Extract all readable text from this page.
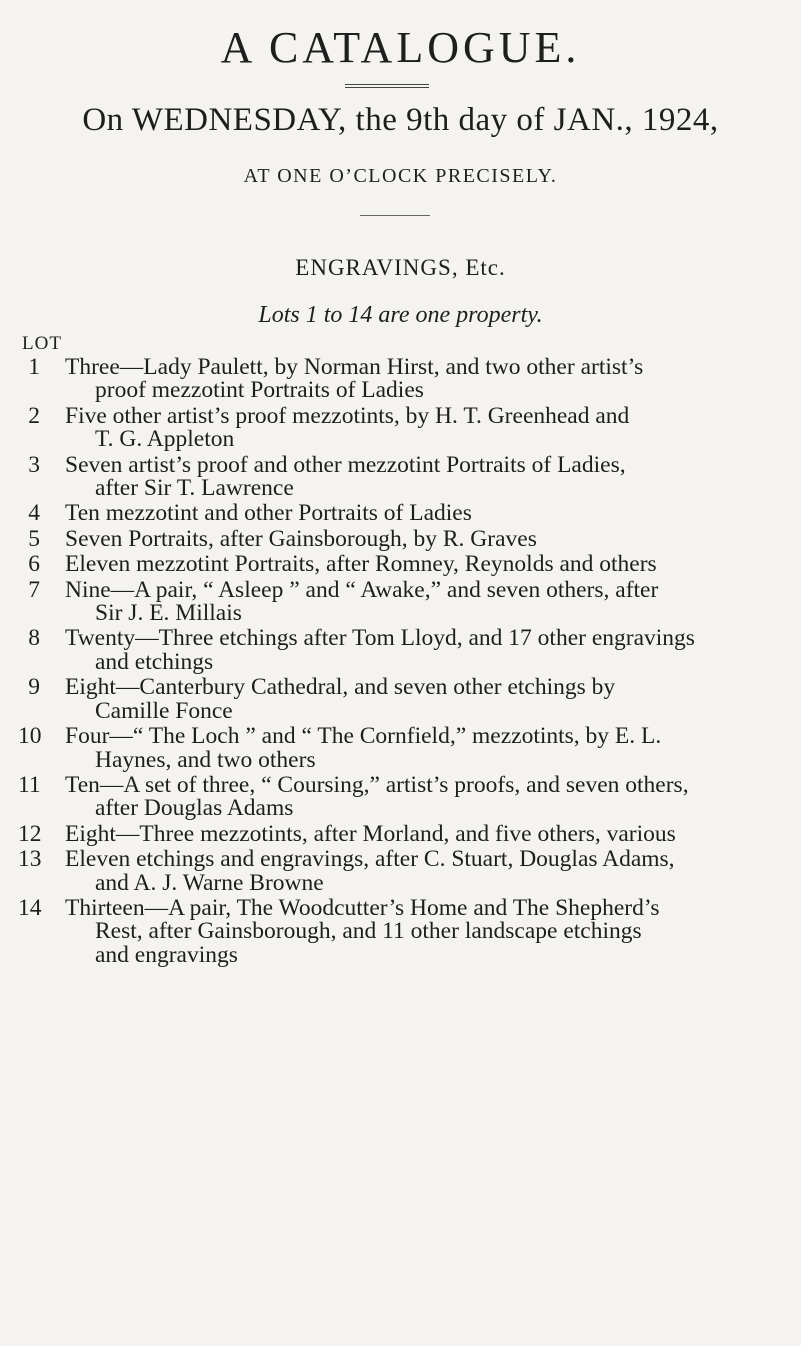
A CATALOGUE.
On WEDNESDAY, the 9th day of JAN., 1924,
AT ONE O’CLOCK PRECISELY.
ENGRAVINGS, Etc.
Lots 1 to 14 are one property.
LOT
1 Three—Lady Paulett, by Norman Hirst, and two other artist’s
proof mezzotint Portraits of Ladies
2 Five other artist’s proof mezzotints, by H. T. Greenhead and
T. G. Appleton
3 Seven artist’s proof and other mezzotint Portraits of Ladies,
after Sir T. Lawrence
4 Ten mezzotint and other Portraits of Ladies
5 Seven Portraits, after Gainsborough, by R. Graves
6 Eleven mezzotint Portraits, after Romney, Reynolds and others
7 Nine—A pair, “ Asleep ” and “ Awake,” and seven others, after
Sir J. E. Millais
8 Twenty—Three etchings after Tom Lloyd, and 17 other engravings
and etchings
9 Eight—Canterbury Cathedral, and seven other etchings by
Camille Fonce
10 Four—“ The Loch ” and “ The Cornfield,” mezzotints, by E. L.
Haynes, and two others
11 Ten—A set of three, “ Coursing,” artist’s proofs, and seven others,
after Douglas Adams
12 Eight—Three mezzotints, after Morland, and five others, various
13 Eleven etchings and engravings, after C. Stuart, Douglas Adams,
and A. J. Warne Browne
14 Thirteen—A pair, The Woodcutter’s Home and The Shepherd’s
Rest, after Gainsborough, and 11 other landscape etchings
and engravings
